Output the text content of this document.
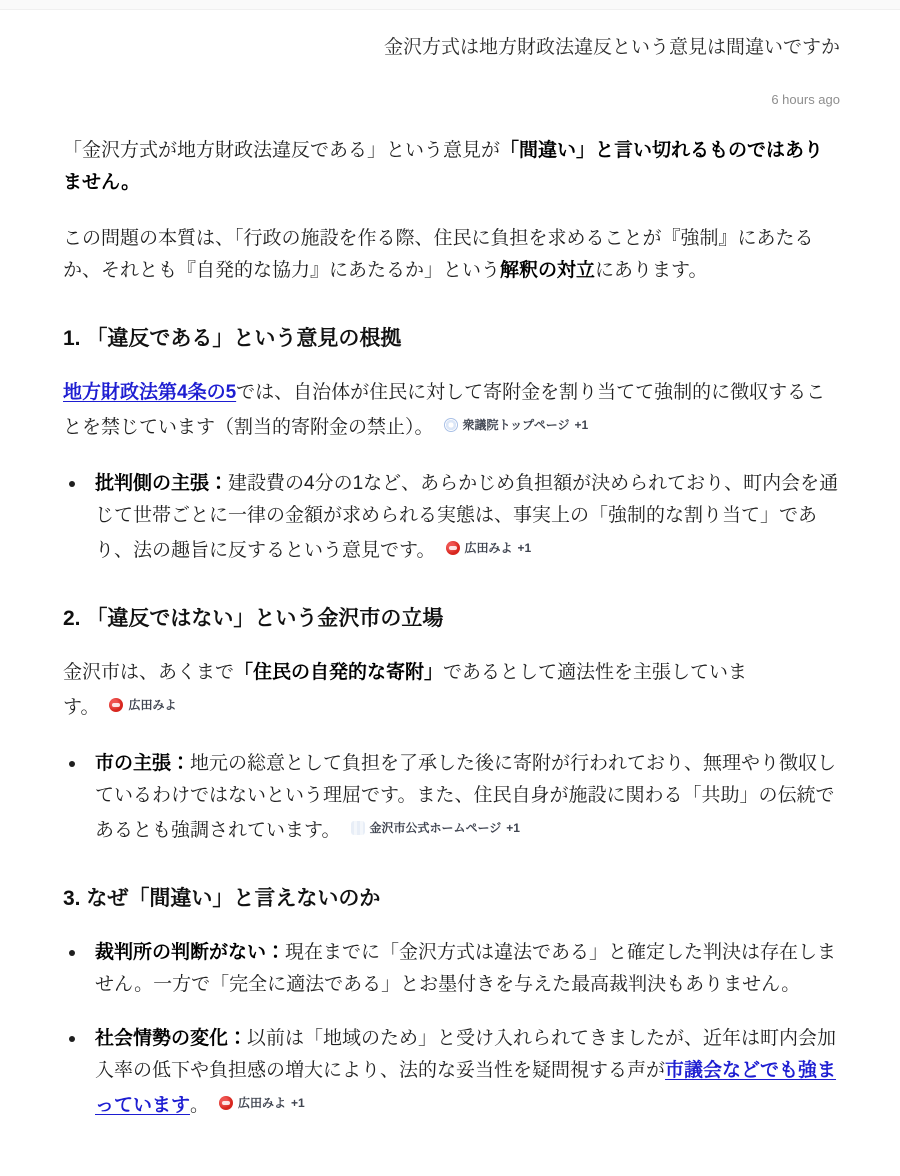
金沢方式は地方財政法違反という意見は間違いですか
6 hours ago

「金沢方式が地方財政法違反である」という意見が「間違い」と言い切れるものではありません。

この問題の本質は、「行政の施設を作る際、住民に負担を求めることが『強制』にあたるか、それとも『自発的な協力』にあたるか」という解釈の対立にあります。

1. 「違反である」という意見の根拠

地方財政法第4条の5では、自治体が住民に対して寄附金を割り当てて強制的に徴収することを禁じています（割当的寄附金の禁止）。 衆議院トップページ +1

批判側の主張：建設費の4分の1など、あらかじめ負担額が決められており、町内会を通じて世帯ごとに一律の金額が求められる実態は、事実上の「強制的な割り当て」であり、法の趣旨に反するという意見です。 広田みよ +1
2. 「違反ではない」という金沢市の立場

金沢市は、あくまで「住民の自発的な寄附」であるとして適法性を主張しています。 広田みよ

市の主張：地元の総意として負担を了承した後に寄附が行われており、無理やり徴収しているわけではないという理屈です。また、住民自身が施設に関わる「共助」の伝統であるとも強調されています。 金沢市公式ホームページ +1
3. なぜ「間違い」と言えないのか
裁判所の判断がない：現在までに「金沢方式は違法である」と確定した判決は存在しません。一方で「完全に適法である」とお墨付きを与えた最高裁判決もありません。
社会情勢の変化：以前は「地域のため」と受け入れられてきましたが、近年は町内会加入率の低下や負担感の増大により、法的な妥当性を疑問視する声が市議会などでも強まっています。 広田みよ +1
